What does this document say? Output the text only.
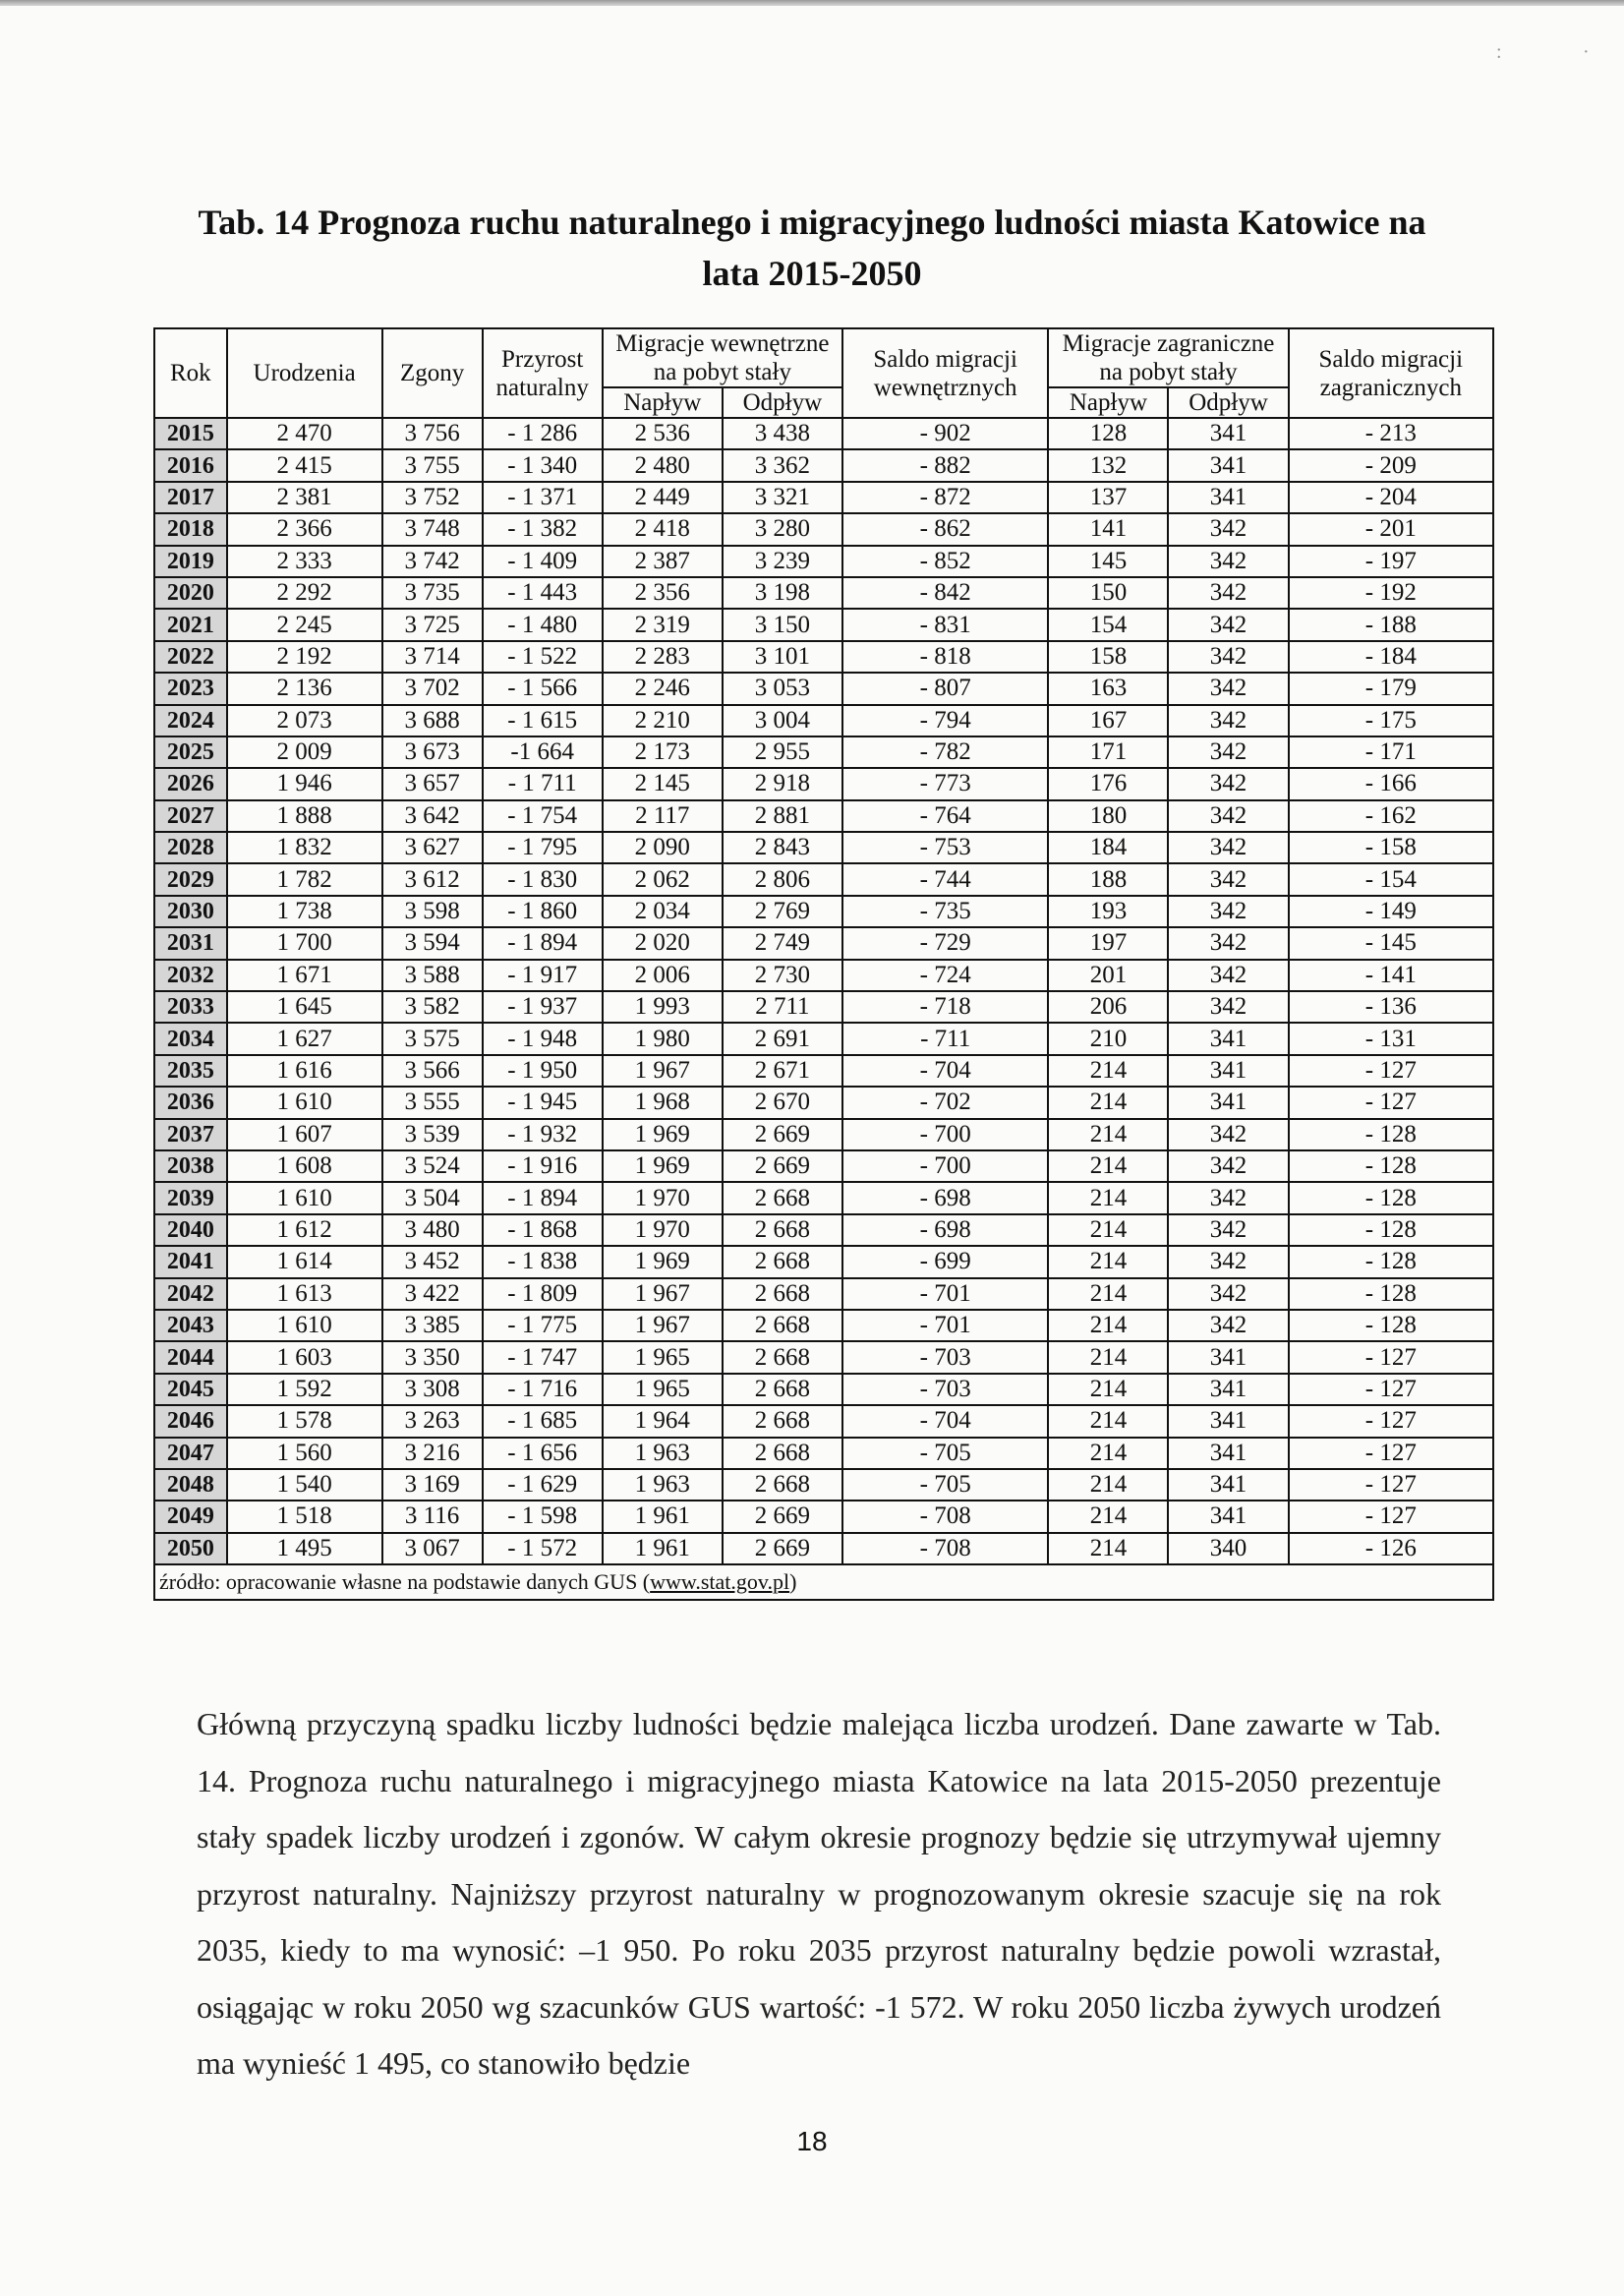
:	·
Tab. 14 Prognoza ruchu naturalnego i migracyjnego ludności miasta Katowice na lata 2015-2050
Rok	Urodzenia	Zgony	Przyrost naturalny	Migracje wewnętrzne na pobyt stały		Saldo migracji wewnętrznych	Migracje zagraniczne na pobyt stały		Saldo migracji zagranicznych
				Napływ	Odpływ		Napływ	Odpływ	
2015	2 470	3 756	- 1 286	2 536	3 438	- 902	128	341	- 213
2016	2 415	3 755	- 1 340	2 480	3 362	- 882	132	341	- 209
2017	2 381	3 752	- 1 371	2 449	3 321	- 872	137	341	- 204
2018	2 366	3 748	- 1 382	2 418	3 280	- 862	141	342	- 201
2019	2 333	3 742	- 1 409	2 387	3 239	- 852	145	342	- 197
2020	2 292	3 735	- 1 443	2 356	3 198	- 842	150	342	- 192
2021	2 245	3 725	- 1 480	2 319	3 150	- 831	154	342	- 188
2022	2 192	3 714	- 1 522	2 283	3 101	- 818	158	342	- 184
2023	2 136	3 702	- 1 566	2 246	3 053	- 807	163	342	- 179
2024	2 073	3 688	- 1 615	2 210	3 004	- 794	167	342	- 175
2025	2 009	3 673	-1 664	2 173	2 955	- 782	171	342	- 171
2026	1 946	3 657	- 1 711	2 145	2 918	- 773	176	342	- 166
2027	1 888	3 642	- 1 754	2 117	2 881	- 764	180	342	- 162
2028	1 832	3 627	- 1 795	2 090	2 843	- 753	184	342	- 158
2029	1 782	3 612	- 1 830	2 062	2 806	- 744	188	342	- 154
2030	1 738	3 598	- 1 860	2 034	2 769	- 735	193	342	- 149
2031	1 700	3 594	- 1 894	2 020	2 749	- 729	197	342	- 145
2032	1 671	3 588	- 1 917	2 006	2 730	- 724	201	342	- 141
2033	1 645	3 582	- 1 937	1 993	2 711	- 718	206	342	- 136
2034	1 627	3 575	- 1 948	1 980	2 691	- 711	210	341	- 131
2035	1 616	3 566	- 1 950	1 967	2 671	- 704	214	341	- 127
2036	1 610	3 555	- 1 945	1 968	2 670	- 702	214	341	- 127
2037	1 607	3 539	- 1 932	1 969	2 669	- 700	214	342	- 128
2038	1 608	3 524	- 1 916	1 969	2 669	- 700	214	342	- 128
2039	1 610	3 504	- 1 894	1 970	2 668	- 698	214	342	- 128
2040	1 612	3 480	- 1 868	1 970	2 668	- 698	214	342	- 128
2041	1 614	3 452	- 1 838	1 969	2 668	- 699	214	342	- 128
2042	1 613	3 422	- 1 809	1 967	2 668	- 701	214	342	- 128
2043	1 610	3 385	- 1 775	1 967	2 668	- 701	214	342	- 128
2044	1 603	3 350	- 1 747	1 965	2 668	- 703	214	341	- 127
2045	1 592	3 308	- 1 716	1 965	2 668	- 703	214	341	- 127
2046	1 578	3 263	- 1 685	1 964	2 668	- 704	214	341	- 127
2047	1 560	3 216	- 1 656	1 963	2 668	- 705	214	341	- 127
2048	1 540	3 169	- 1 629	1 963	2 668	- 705	214	341	- 127
2049	1 518	3 116	- 1 598	1 961	2 669	- 708	214	341	- 127
2050	1 495	3 067	- 1 572	1 961	2 669	- 708	214	340	- 126
źródło: opracowanie własne na podstawie danych GUS (www.stat.gov.pl)									
Główną przyczyną spadku liczby ludności będzie malejąca liczba urodzeń. Dane zawarte w Tab. 14. Prognoza ruchu naturalnego i migracyjnego miasta Katowice na lata 2015-2050 prezentuje stały spadek liczby urodzeń i zgonów. W całym okresie prognozy będzie się utrzymywał ujemny przyrost naturalny. Najniższy przyrost naturalny w prognozowanym okresie szacuje się na rok 2035, kiedy to ma wynosić: –1 950. Po roku 2035 przyrost naturalny będzie powoli wzrastał, osiągając w roku 2050 wg szacunków GUS wartość: -1 572. W roku 2050 liczba żywych urodzeń ma wynieść 1 495, co stanowiło będzie
18
